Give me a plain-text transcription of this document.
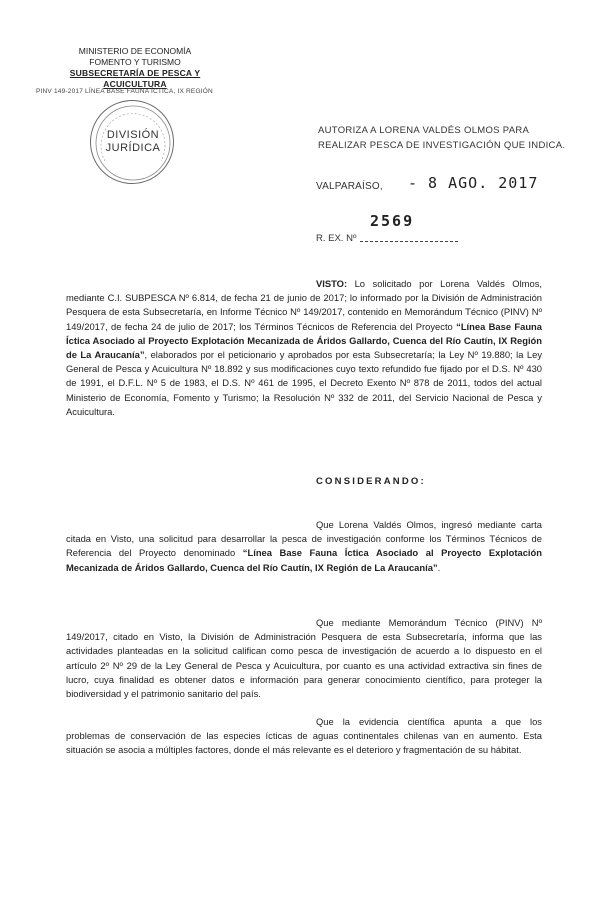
MINISTERIO DE ECONOMÍA
FOMENTO Y TURISMO
SUBSECRETARÍA DE PESCA Y ACUICULTURA
PINV 149-2017 LÍNEA BASE FAUNA ÍCTICA, IX REGIÓN
DIVISIÓN
JURÍDICA
AUTORIZA A LORENA VALDÉS OLMOS PARA
REALIZAR PESCA DE INVESTIGACIÓN QUE INDICA.
VALPARAÍSO, - 8 AGO. 2017
2569
R. EX. Nº
VISTO: Lo solicitado por Lorena Valdés Olmos, mediante C.I. SUBPESCA Nº 6.814, de fecha 21 de junio de 2017; lo informado por la División de Administración Pesquera de esta Subsecretaría, en Informe Técnico Nº 149/2017, contenido en Memorándum Técnico (PINV) Nº 149/2017, de fecha 24 de julio de 2017; los Términos Técnicos de Referencia del Proyecto “Línea Base Fauna Íctica Asociado al Proyecto Explotación Mecanizada de Áridos Gallardo, Cuenca del Río Cautín, IX Región de La Araucanía”, elaborados por el peticionario y aprobados por esta Subsecretaría; la Ley Nº 19.880; la Ley General de Pesca y Acuicultura Nº 18.892 y sus modificaciones cuyo texto refundido fue fijado por el D.S. Nº 430 de 1991, el D.F.L. Nº 5 de 1983, el D.S. Nº 461 de 1995, el Decreto Exento Nº 878 de 2011, todos del actual Ministerio de Economía, Fomento y Turismo; la Resolución Nº 332 de 2011, del Servicio Nacional de Pesca y Acuicultura.
CONSIDERANDO:
Que Lorena Valdés Olmos, ingresó mediante carta citada en Visto, una solicitud para desarrollar la pesca de investigación conforme los Términos Técnicos de Referencia del Proyecto denominado “Línea Base Fauna Íctica Asociado al Proyecto Explotación Mecanizada de Áridos Gallardo, Cuenca del Río Cautín, IX Región de La Araucanía”.
Que mediante Memorándum Técnico (PINV) Nº 149/2017, citado en Visto, la División de Administración Pesquera de esta Subsecretaría, informa que las actividades planteadas en la solicitud califican como pesca de investigación de acuerdo a lo dispuesto en el artículo 2º Nº 29 de la Ley General de Pesca y Acuicultura, por cuanto es una actividad extractiva sin fines de lucro, cuya finalidad es obtener datos e información para generar conocimiento científico, para proteger la biodiversidad y el patrimonio sanitario del país.
Que la evidencia científica apunta a que los problemas de conservación de las especies ícticas de aguas continentales chilenas van en aumento. Esta situación se asocia a múltiples factores, donde el más relevante es el deterioro y fragmentación de su hábitat.
